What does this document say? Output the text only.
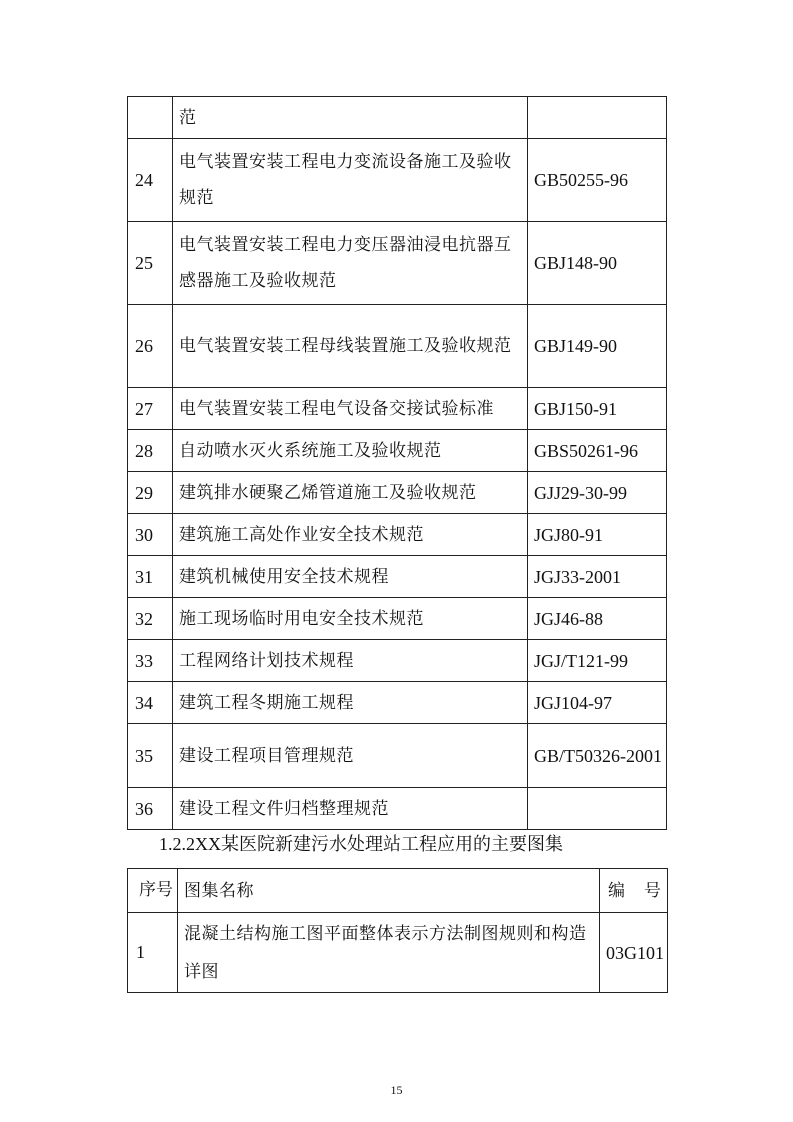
	范	
24	电气装置安装工程电力变流设备施工及验收规范	GB50255-96
25	电气装置安装工程电力变压器油浸电抗器互感器施工及验收规范	GBJ148-90
26	电气装置安装工程母线装置施工及验收规范	GBJ149-90
27	电气装置安装工程电气设备交接试验标准	GBJ150-91
28	自动喷水灭火系统施工及验收规范	GBS50261-96
29	建筑排水硬聚乙烯管道施工及验收规范	GJJ29-30-99
30	建筑施工高处作业安全技术规范	JGJ80-91
31	建筑机械使用安全技术规程	JGJ33-2001
32	施工现场临时用电安全技术规范	JGJ46-88
33	工程网络计划技术规程	JGJ/T121-99
34	建筑工程冬期施工规程	JGJ104-97
35	建设工程项目管理规范	GB/T50326-2001
36	建设工程文件归档整理规范	
1.2.2XX某医院新建污水处理站工程应用的主要图集
序号	图集名称	编 号

1	混凝土结构施工图平面整体表示方法制图规则和构造详图	03G101
15
